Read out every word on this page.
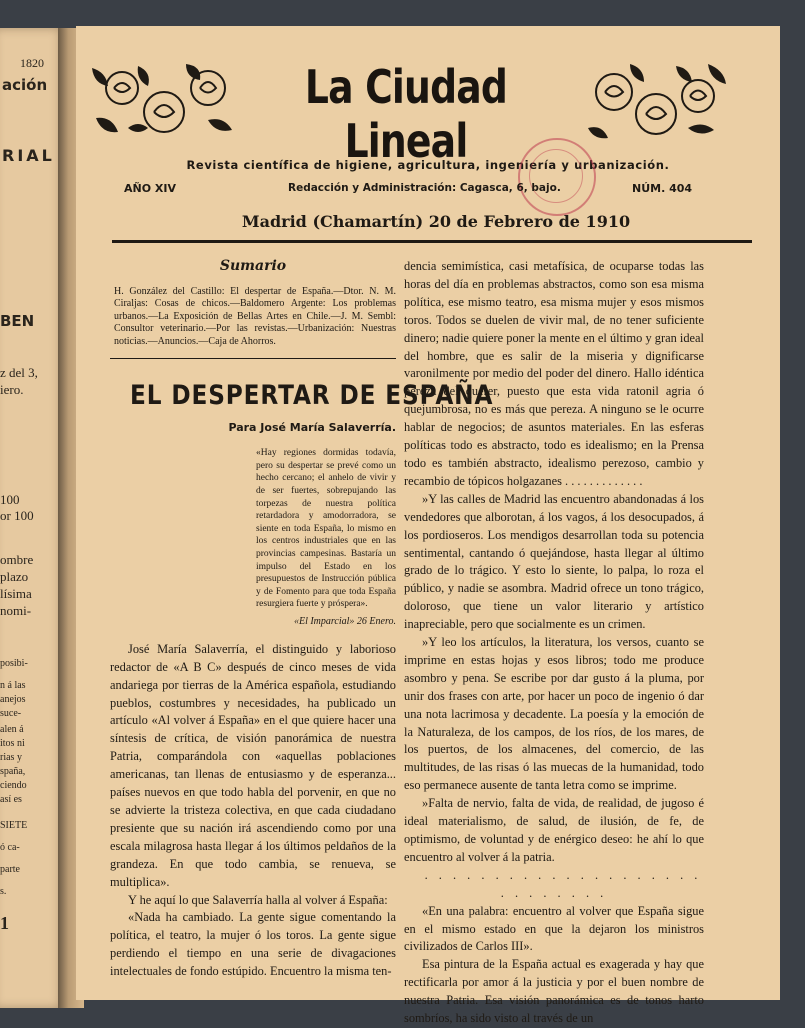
1820
ación
RIAL
BEN
z del 3,
iero.
100
or 100
ombre
plazo
lísima
nomi-
posibi-
n á las
anejos
suce-
alen á
itos ni
rias y
spaña,
ciendo
así es
SIETE
ó ca-
parte
s.
1
La Ciudad Lineal
Revista científica de higiene, agricultura, ingeniería y urbanización.
AÑO XIV	Redacción y Administración: Cagasca, 6, bajo.	NÚM. 404
Madrid (Chamartín) 20 de Febrero de 1910
Sumario
H. González del Castillo: El despertar de España.—Dtor. N. M. Ciraljas: Cosas de chicos.—Baldomero Argente: Los problemas urbanos.—La Exposición de Bellas Artes en Chile.—J. M. Sembl: Consultor veterinario.—Por las revistas.—Urbanización: Nuestras noticias.—Anuncios.—Caja de Ahorros.
EL DESPERTAR DE ESPAÑA
Para José María Salaverría.
«Hay regiones dormidas todavía, pero su despertar se prevé como un hecho cercano; el anhelo de vivir y de ser fuertes, sobrepujando las torpezas de nuestra política retardadora y amodorradora, se siente en toda España, lo mismo en los centros industriales que en las provincias campesinas. Bastaría un impulso del Estado en los presupuestos de Instrucción pública y de Fomento para que toda España resurgiera fuerte y próspera».
«El Imparcial» 26 Enero.

José María Salaverría, el distinguido y laborioso redactor de «A B C» después de cinco meses de vida andariega por tierras de la América española, estudiando pueblos, costumbres y necesidades, ha publicado un artículo «Al volver á España» en el que quiere hacer una síntesis de crítica, de visión panorámica de nuestra Patria, comparándola con «aquellas poblaciones americanas, tan llenas de entusiasmo y de esperanza... países nuevos en que todo habla del porvenir, en que no se advierte la tristeza colectiva, en que cada ciudadano presiente que su nación irá ascendiendo como por una escala milagrosa hasta llegar á los últimos peldaños de la grandeza. En que todo cambia, se renueva, se multiplica».

Y he aquí lo que Salaverría halla al volver á España:

«Nada ha cambiado. La gente sigue comentando la política, el teatro, la mujer ó los toros. La gente sigue perdiendo el tiempo en una serie de divagaciones intelectuales de fondo estúpido. Encuentro la misma ten-

dencia semimística, casi metafísica, de ocuparse todas las horas del día en problemas abstractos, como son esa misma política, ese mismo teatro, esa misma mujer y esos mismos toros. Todos se duelen de vivir mal, de no tener suficiente dinero; nadie quiere poner la mente en el último y gran ideal del hombre, que es salir de la miseria y dignificarse varonilmente por medio del poder del dinero. Hallo idéntica pereza del querer, puesto que esta vida ratonil agria ó quejumbrosa, no es más que pereza. A ninguno se le ocurre hablar de negocios; de asuntos materiales. En las esferas políticas todo es abstracto, todo es idealismo; en la Prensa todo es también abstracto, idealismo perezoso, cambio y recambio de tópicos holgazanes . . . . . . . . . . . . .

»Y las calles de Madrid las encuentro abandonadas á los vendedores que alborotan, á los vagos, á los desocupados, á los pordioseros. Los mendigos desarrollan toda su potencia sentimental, cantando ó quejándose, hasta llegar al último grado de lo trágico. Y esto lo siente, lo palpa, lo roza el público, y nadie se asombra. Madrid ofrece un tono trágico, doloroso, que tiene un valor literario y artístico inapreciable, pero que socialmente es un crimen.

»Y leo los artículos, la literatura, los versos, cuanto se imprime en estas hojas y esos libros; todo me produce asombro y pena. Se escribe por dar gusto á la pluma, por unir dos frases con arte, por hacer un poco de ingenio ó dar una nota lacrimosa y decadente. La poesía y la emoción de la Naturaleza, de los campos, de los ríos, de los mares, de los puertos, de los almacenes, del comercio, de las multitudes, de las risas ó las muecas de la humanidad, todo eso permanece ausente de tanta letra como se imprime.

»Falta de nervio, falta de vida, de realidad, de jugoso é ideal materialismo, de salud, de ilusión, de fe, de optimismo, de voluntad y de enérgico deseo: he ahí lo que encuentro al volver á la patria.

. . . . . . . . . . . . . . . . . . . . . . . . . . . .

«En una palabra: encuentro al volver que España sigue en el mismo estado en que la dejaron los ministros civilizados de Carlos III».

Esa pintura de la España actual es exagerada y hay que rectificarla por amor á la justicia y por el buen nombre de nuestra Patria. Esa visión panorámica es de tonos harto sombríos, ha sido visto al través de un
